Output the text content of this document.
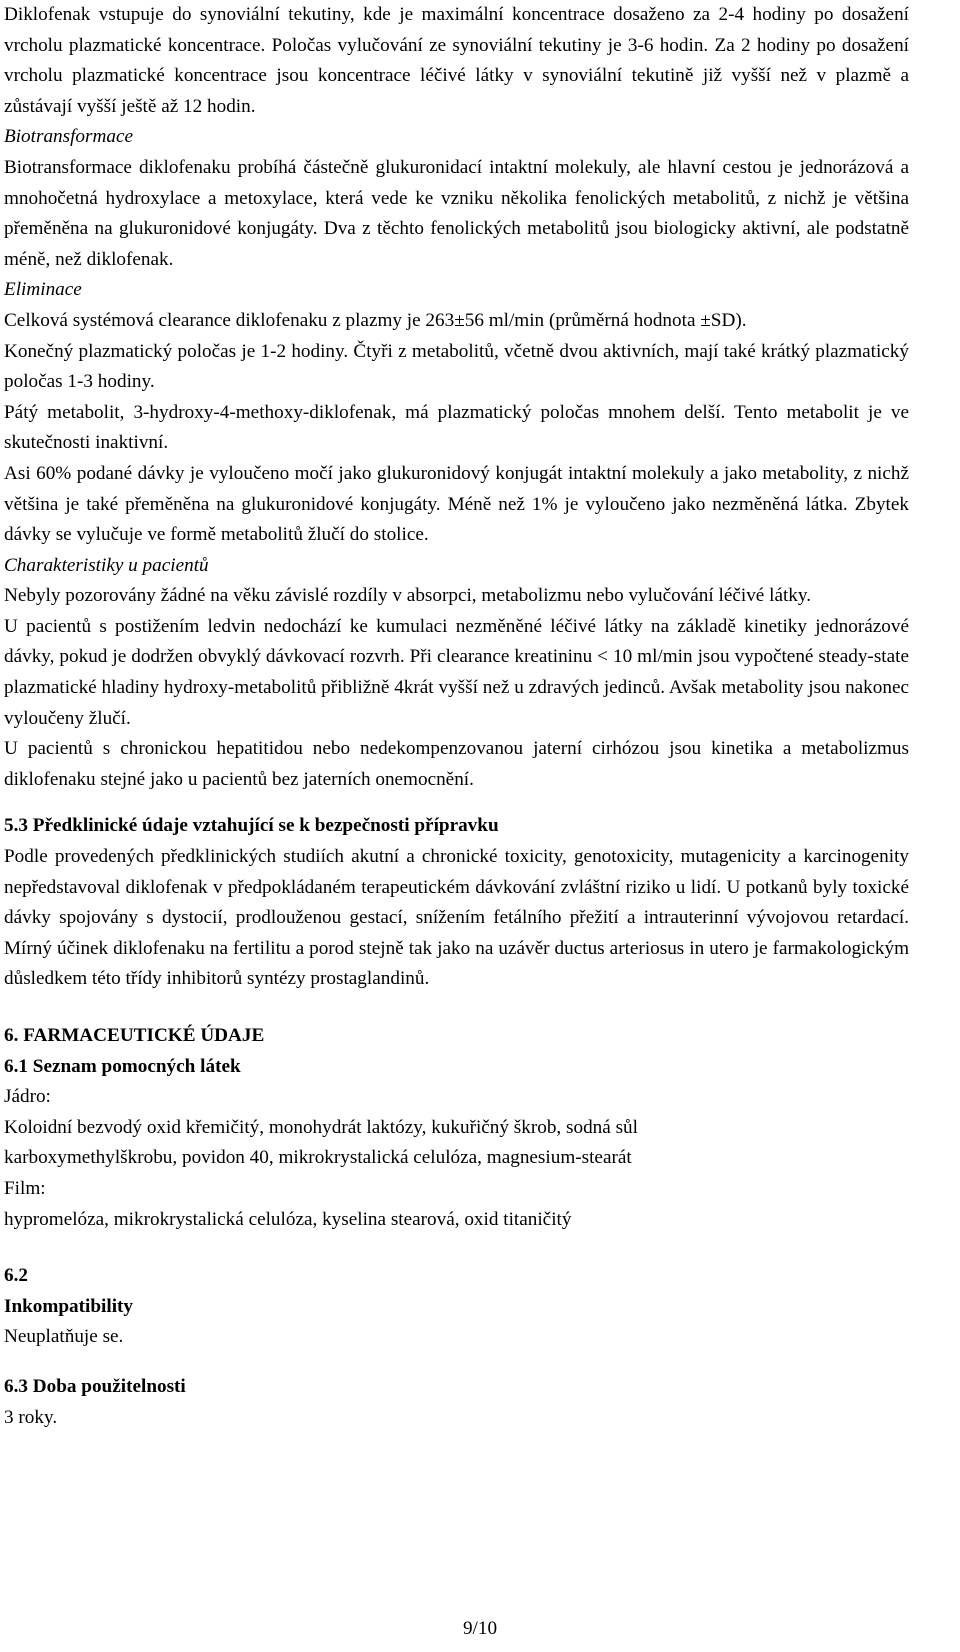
Diklofenak vstupuje do synoviální tekutiny, kde je maximální koncentrace dosaženo za 2-4 hodiny po dosažení vrcholu plazmatické koncentrace. Poločas vylučování ze synoviální tekutiny je 3-6 hodin. Za 2 hodiny po dosažení vrcholu plazmatické koncentrace jsou koncentrace léčivé látky v synoviální tekutině již vyšší než v plazmě a zůstávají vyšší ještě až 12 hodin.

Biotransformace

Biotransformace diklofenaku probíhá částečně glukuronidací intaktní molekuly, ale hlavní cestou je jednorázová a mnohočetná hydroxylace a metoxylace, která vede ke vzniku několika fenolických metabolitů, z nichž je většina přeměněna na glukuronidové konjugáty. Dva z těchto fenolických metabolitů jsou biologicky aktivní, ale podstatně méně, než diklofenak.

Eliminace

Celková systémová clearance diklofenaku z plazmy je 263±56 ml/min (průměrná hodnota ±SD).

Konečný plazmatický poločas je 1-2 hodiny. Čtyři z metabolitů, včetně dvou aktivních, mají také krátký plazmatický poločas 1-3 hodiny.

Pátý metabolit, 3-hydroxy-4-methoxy-diklofenak, má plazmatický poločas mnohem delší. Tento metabolit je ve skutečnosti inaktivní.

Asi 60% podané dávky je vyloučeno močí jako glukuronidový konjugát intaktní molekuly a jako metabolity, z nichž většina je také přeměněna na glukuronidové konjugáty. Méně než 1% je vyloučeno jako nezměněná látka. Zbytek dávky se vylučuje ve formě metabolitů žlučí do stolice.

Charakteristiky u pacientů

Nebyly pozorovány žádné na věku závislé rozdíly v absorpci, metabolizmu nebo vylučování léčivé látky.

U pacientů s postižením ledvin nedochází ke kumulaci nezměněné léčivé látky na základě kinetiky jednorázové dávky, pokud je dodržen obvyklý dávkovací rozvrh. Při clearance kreatininu < 10 ml/min jsou vypočtené steady-state plazmatické hladiny hydroxy-metabolitů přibližně 4krát vyšší než u zdravých jedinců. Avšak metabolity jsou nakonec vyloučeny žlučí.

U pacientů s chronickou hepatitidou nebo nedekompenzovanou jaterní cirhózou jsou kinetika a metabolizmus diklofenaku stejné jako u pacientů bez jaterních onemocnění.

5.3 Předklinické údaje vztahující se k bezpečnosti přípravku

Podle provedených předklinických studiích akutní a chronické toxicity, genotoxicity, mutagenicity a karcinogenity nepředstavoval diklofenak v předpokládaném terapeutickém dávkování zvláštní riziko u lidí. U potkanů byly toxické dávky spojovány s dystocií, prodlouženou gestací, snížením fetálního přežití a intrauterinní vývojovou retardací. Mírný účinek diklofenaku na fertilitu a porod stejně tak jako na uzávěr ductus arteriosus in utero je farmakologickým důsledkem této třídy inhibitorů syntézy prostaglandinů.

6. FARMACEUTICKÉ ÚDAJE

6.1 Seznam pomocných látek

Jádro:

Koloidní bezvodý oxid křemičitý, monohydrát laktózy, kukuřičný škrob, sodná sůl

karboxymethylškrobu, povidon 40, mikrokrystalická celulóza, magnesium-stearát

Film:

hypromelóza, mikrokrystalická celulóza, kyselina stearová, oxid titaničitý

6.2

Inkompatibility

Neuplatňuje se.

6.3 Doba použitelnosti

3 roky.

9/10
